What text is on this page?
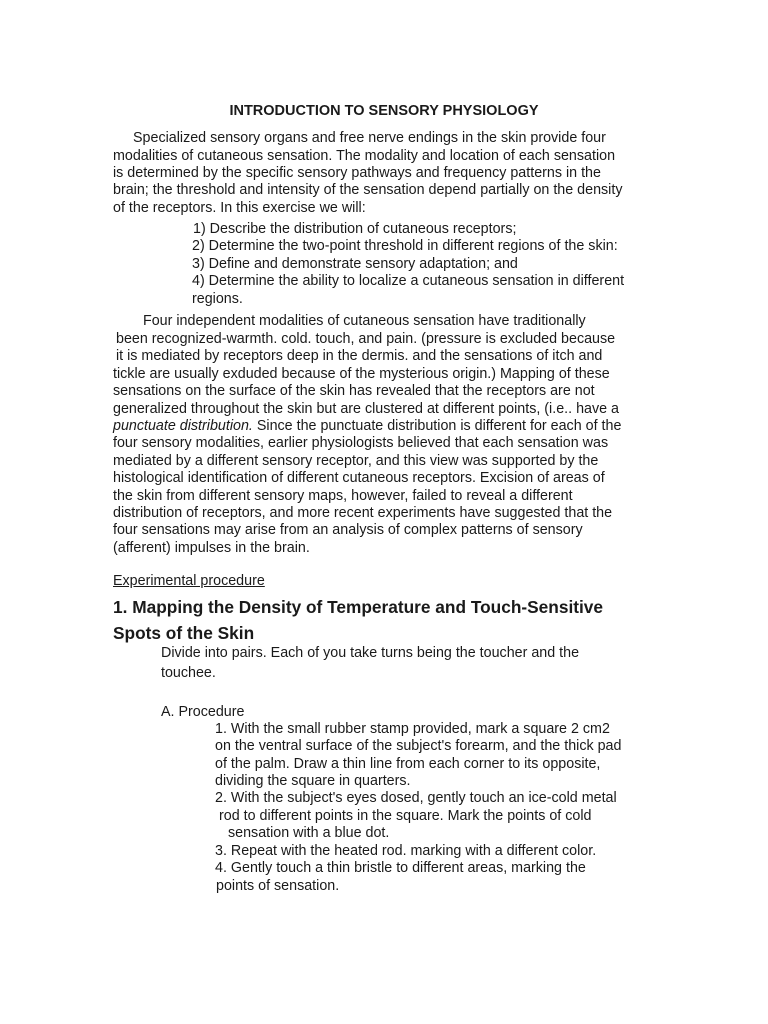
INTRODUCTION TO SENSORY PHYSIOLOGY
Specialized sensory organs and free nerve endings in the skin provide four
modalities of cutaneous sensation. The modality and location of each sensation
is determined by the specific sensory pathways and frequency patterns in the
brain; the threshold and intensity of the sensation depend partially on the density
of the receptors. In this exercise we will:
1) Describe the distribution of cutaneous receptors;
2) Determine the two-point threshold in different regions of the skin:
3) Define and demonstrate sensory adaptation; and
4) Determine the ability to localize a cutaneous sensation in different
regions.
Four independent modalities of cutaneous sensation have traditionally
been recognized-warmth. cold. touch, and pain. (pressure is excluded because
it is mediated by receptors deep in the dermis. and the sensations of itch and
tickle are usually exduded because of the mysterious origin.) Mapping of these
sensations on the surface of the skin has revealed that the receptors are not
generalized throughout the skin but are clustered at different points, (i.e.. have a
punctuate distribution. Since the punctuate distribution is different for each of the
four sensory modalities, earlier physiologists believed that each sensation was
mediated by a different sensory receptor, and this view was supported by the
histological identification of different cutaneous receptors. Excision of areas of
the skin from different sensory maps, however, failed to reveal a different
distribution of receptors, and more recent experiments have suggested that the
four sensations may arise from an analysis of complex patterns of sensory
(afferent) impulses in the brain.
Experimental procedure
1. Mapping the Density of Temperature and Touch-Sensitive
Spots of the Skin
Divide into pairs. Each of you take turns being the toucher and the
touchee.
A. Procedure
1. With the small rubber stamp provided, mark a square 2 cm2
on the ventral surface of the subject's forearm, and the thick pad
of the palm. Draw a thin line from each corner to its opposite,
dividing the square in quarters.
2. With the subject's eyes dosed, gently touch an ice-cold metal
rod to different points in the square. Mark the points of cold
sensation with a blue dot.
3. Repeat with the heated rod. marking with a different color.
4. Gently touch a thin bristle to different areas, marking the
points of sensation.
